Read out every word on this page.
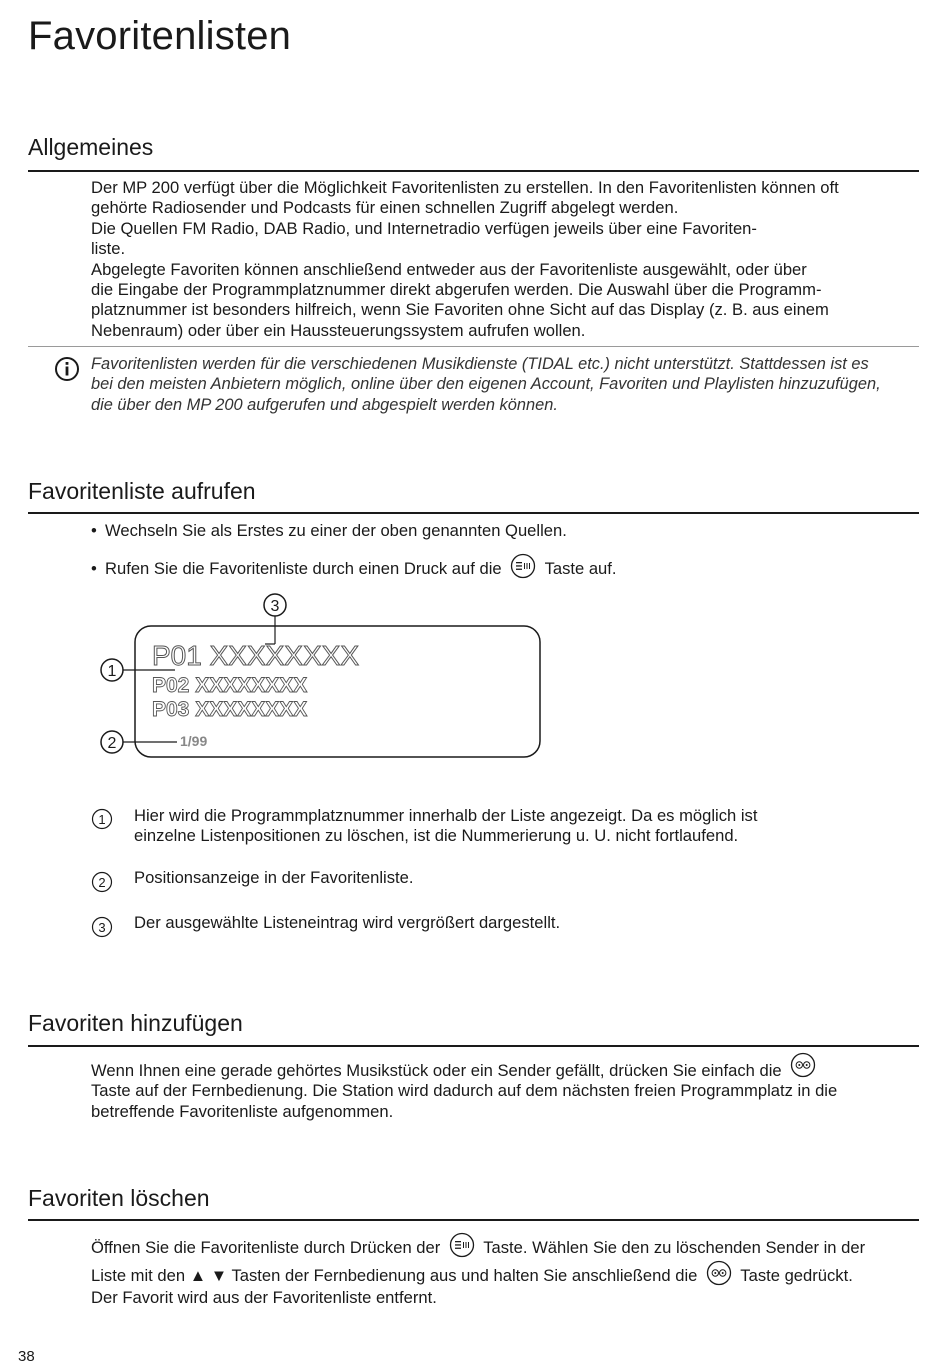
Favoritenlisten
Allgemeines

Der MP 200 verfügt über die Möglichkeit Favoritenlisten zu erstellen. In den Favoritenlisten können oft

gehörte Radiosender und Podcasts für einen schnellen Zugriff abgelegt werden.

Die Quellen FM Radio, DAB Radio, und Internetradio verfügen jeweils über eine Favoriten-

liste.

Abgelegte Favoriten können anschließend entweder aus der Favoritenliste ausgewählt, oder über

die Eingabe der Programmplatznummer direkt abgerufen werden. Die Auswahl über die Programm-

platznummer ist besonders hilfreich, wenn Sie Favoriten ohne Sicht auf das Display (z. B. aus einem

Nebenraum) oder über ein Haussteuerungssystem aufrufen wollen.

Favoritenlisten werden für die verschiedenen Musikdienste (TIDAL etc.) nicht unterstützt. Stattdessen ist es
bei den meisten Anbietern möglich, online über den eigenen Account, Favoriten und Playlisten hinzuzufügen,
die über den MP 200 aufgerufen und abgespielt werden können.
Favoritenliste aufrufen
• Wechseln Sie als Erstes zu einer der oben genannten Quellen.
• Rufen Sie die Favoritenliste durch einen Druck auf die	Taste auf.
P01 XXXXXXXX
P02 XXXXXXXX
P03 XXXXXXXX
1/99
3
1
2
1 Hier wird die Programmplatznummer innerhalb der Liste angezeigt. Da es möglich ist
einzelne Listenpositionen zu löschen, ist die Nummerierung u. U. nicht fortlaufend.
2 Positionsanzeige in der Favoritenliste.
3 Der ausgewählte Listeneintrag wird vergrößert dargestellt.
Favoriten hinzufügen
Wenn Ihnen eine gerade gehörtes Musikstück oder ein Sender gefällt, drücken Sie einfach die
Taste auf der Fernbedienung. Die Station wird dadurch auf dem nächsten freien Programmplatz in die
betreffende Favoritenliste aufgenommen.
Favoriten löschen
Öffnen Sie die Favoritenliste durch Drücken der	Taste. Wählen Sie den zu löschenden Sender in der
Liste mit den ▲ ▼ Tasten der Fernbedienung aus und halten Sie anschließend die	Taste gedrückt.
Der Favorit wird aus der Favoritenliste entfernt.
38
